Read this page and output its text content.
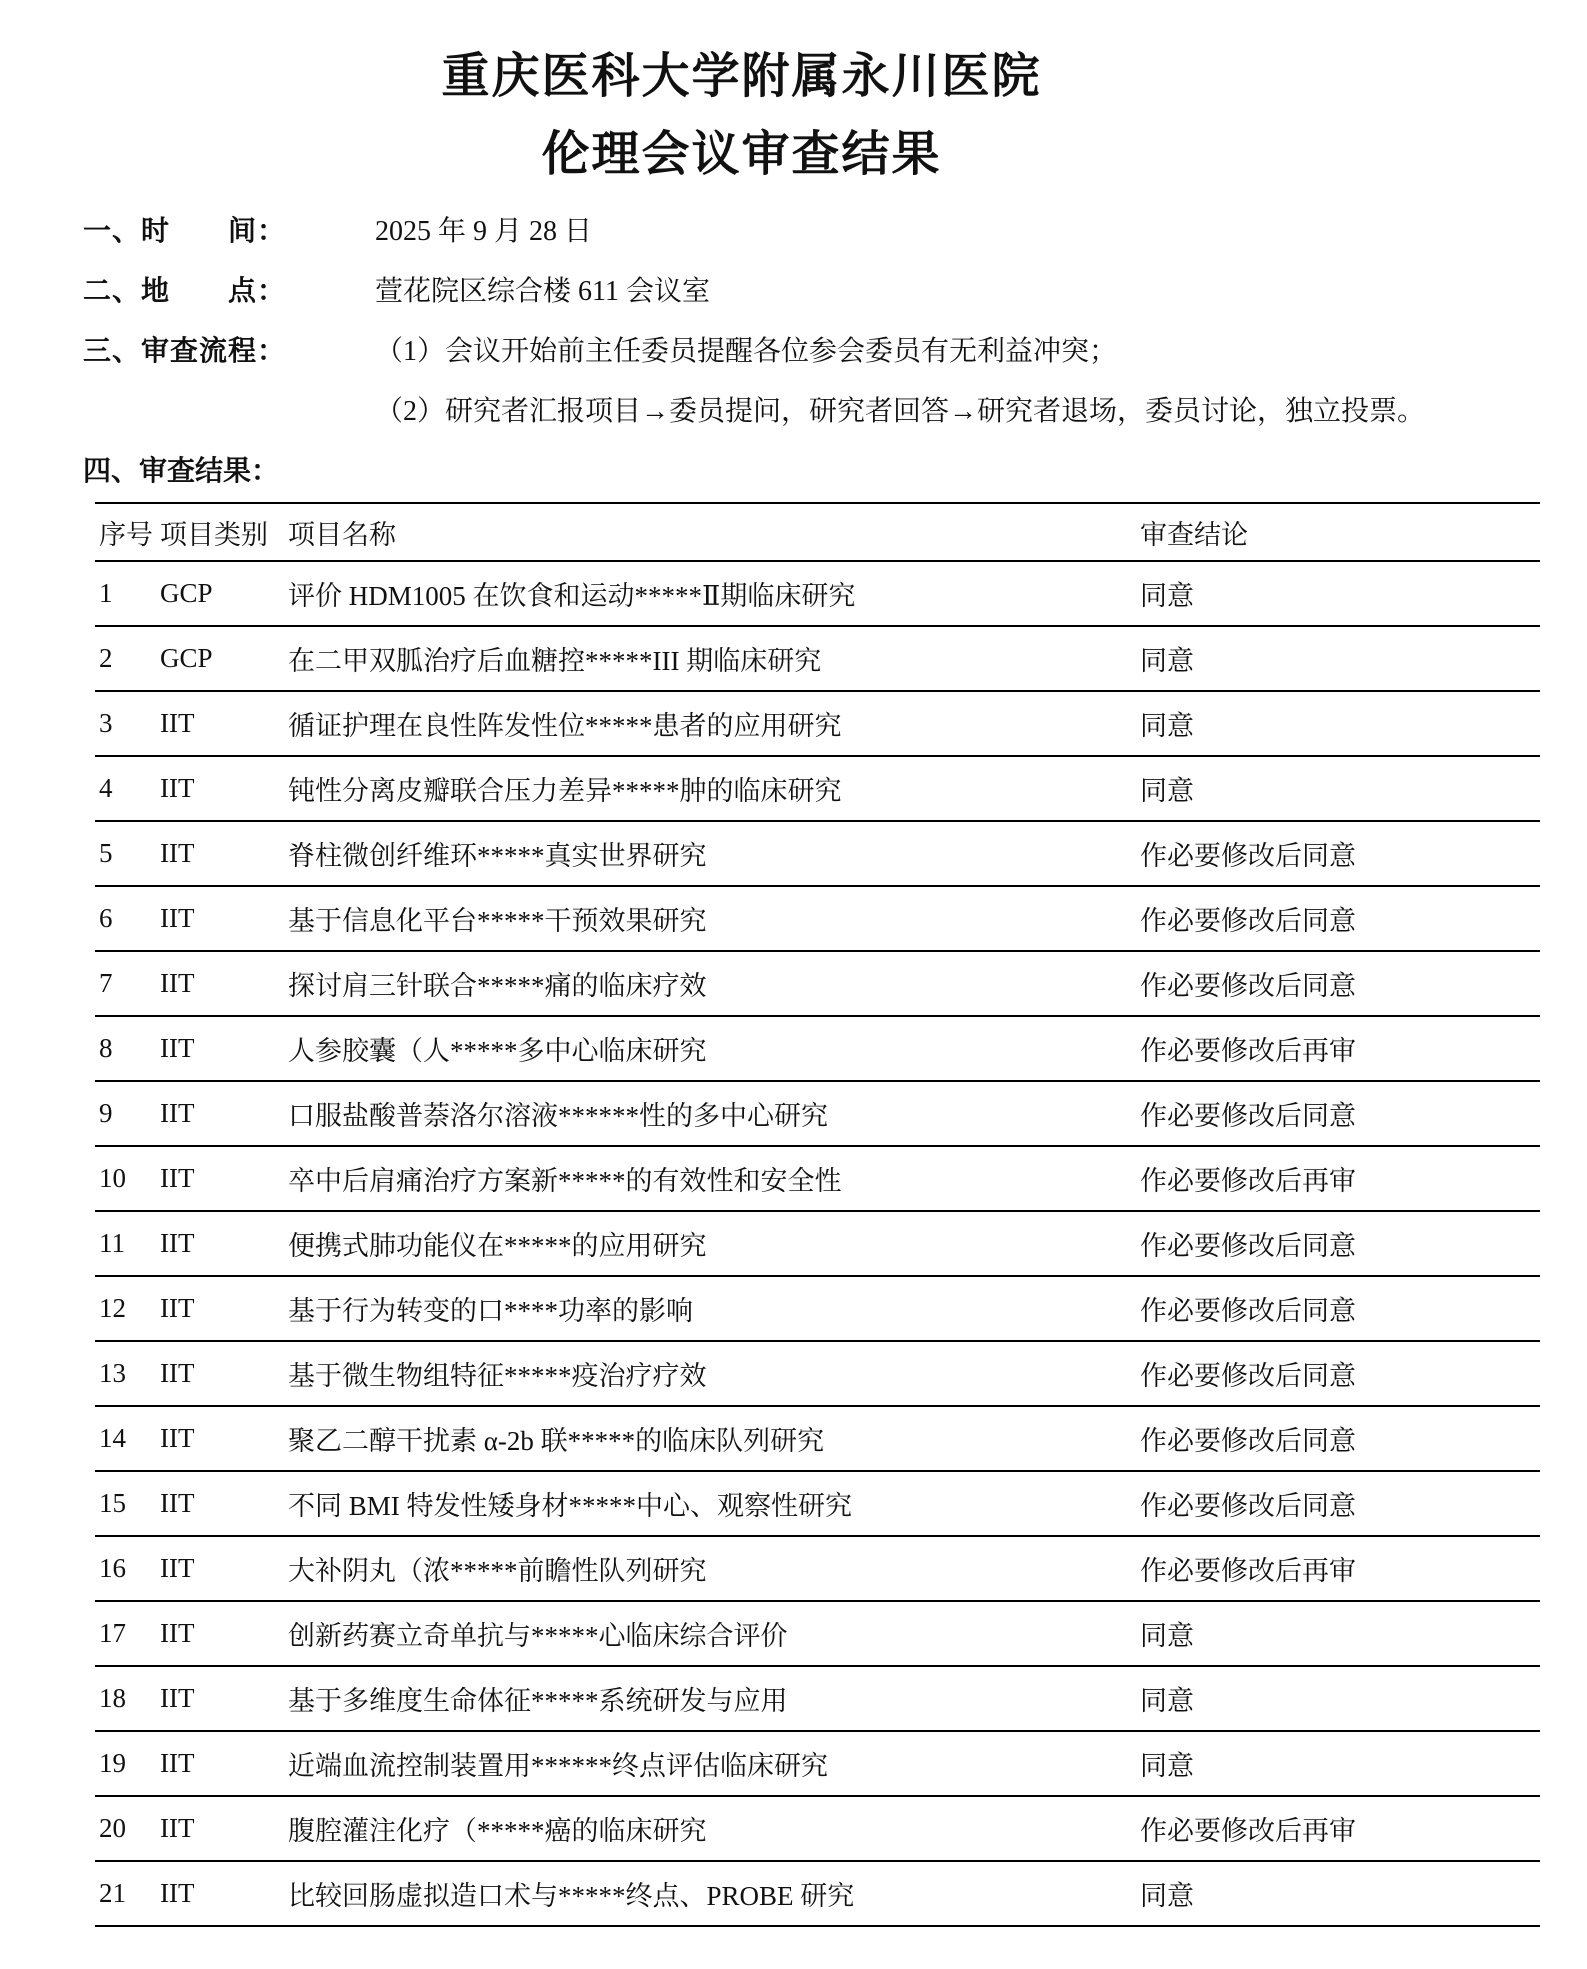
重庆医科大学附属永川医院
伦理会议审查结果
一、时　　间：	2025 年 9 月 28 日
二、地　　点：	萱花院区综合楼 611 会议室
三、审查流程：	（1）会议开始前主任委员提醒各位参会委员有无利益冲突；
（2）研究者汇报项目→委员提问，研究者回答→研究者退场，委员讨论，独立投票。
四、审查结果：
序号	项目类别	项目名称	审查结论
1	GCP	评价 HDM1005 在饮食和运动*****Ⅱ期临床研究	同意
2	GCP	在二甲双胍治疗后血糖控*****III 期临床研究	同意
3	IIT	循证护理在良性阵发性位*****患者的应用研究	同意
4	IIT	钝性分离皮瓣联合压力差异*****肿的临床研究	同意
5	IIT	脊柱微创纤维环*****真实世界研究	作必要修改后同意
6	IIT	基于信息化平台*****干预效果研究	作必要修改后同意
7	IIT	探讨肩三针联合*****痛的临床疗效	作必要修改后同意
8	IIT	人参胶囊（人*****多中心临床研究	作必要修改后再审
9	IIT	口服盐酸普萘洛尔溶液******性的多中心研究	作必要修改后同意
10	IIT	卒中后肩痛治疗方案新*****的有效性和安全性	作必要修改后再审
11	IIT	便携式肺功能仪在*****的应用研究	作必要修改后同意
12	IIT	基于行为转变的口****功率的影响	作必要修改后同意
13	IIT	基于微生物组特征*****疫治疗疗效	作必要修改后同意
14	IIT	聚乙二醇干扰素 α-2b 联*****的临床队列研究	作必要修改后同意
15	IIT	不同 BMI 特发性矮身材*****中心、观察性研究	作必要修改后同意
16	IIT	大补阴丸（浓*****前瞻性队列研究	作必要修改后再审
17	IIT	创新药赛立奇单抗与*****心临床综合评价	同意
18	IIT	基于多维度生命体征*****系统研发与应用	同意
19	IIT	近端血流控制装置用******终点评估临床研究	同意
20	IIT	腹腔灌注化疗（*****癌的临床研究	作必要修改后再审
21	IIT	比较回肠虚拟造口术与*****终点、PROBE 研究	同意
